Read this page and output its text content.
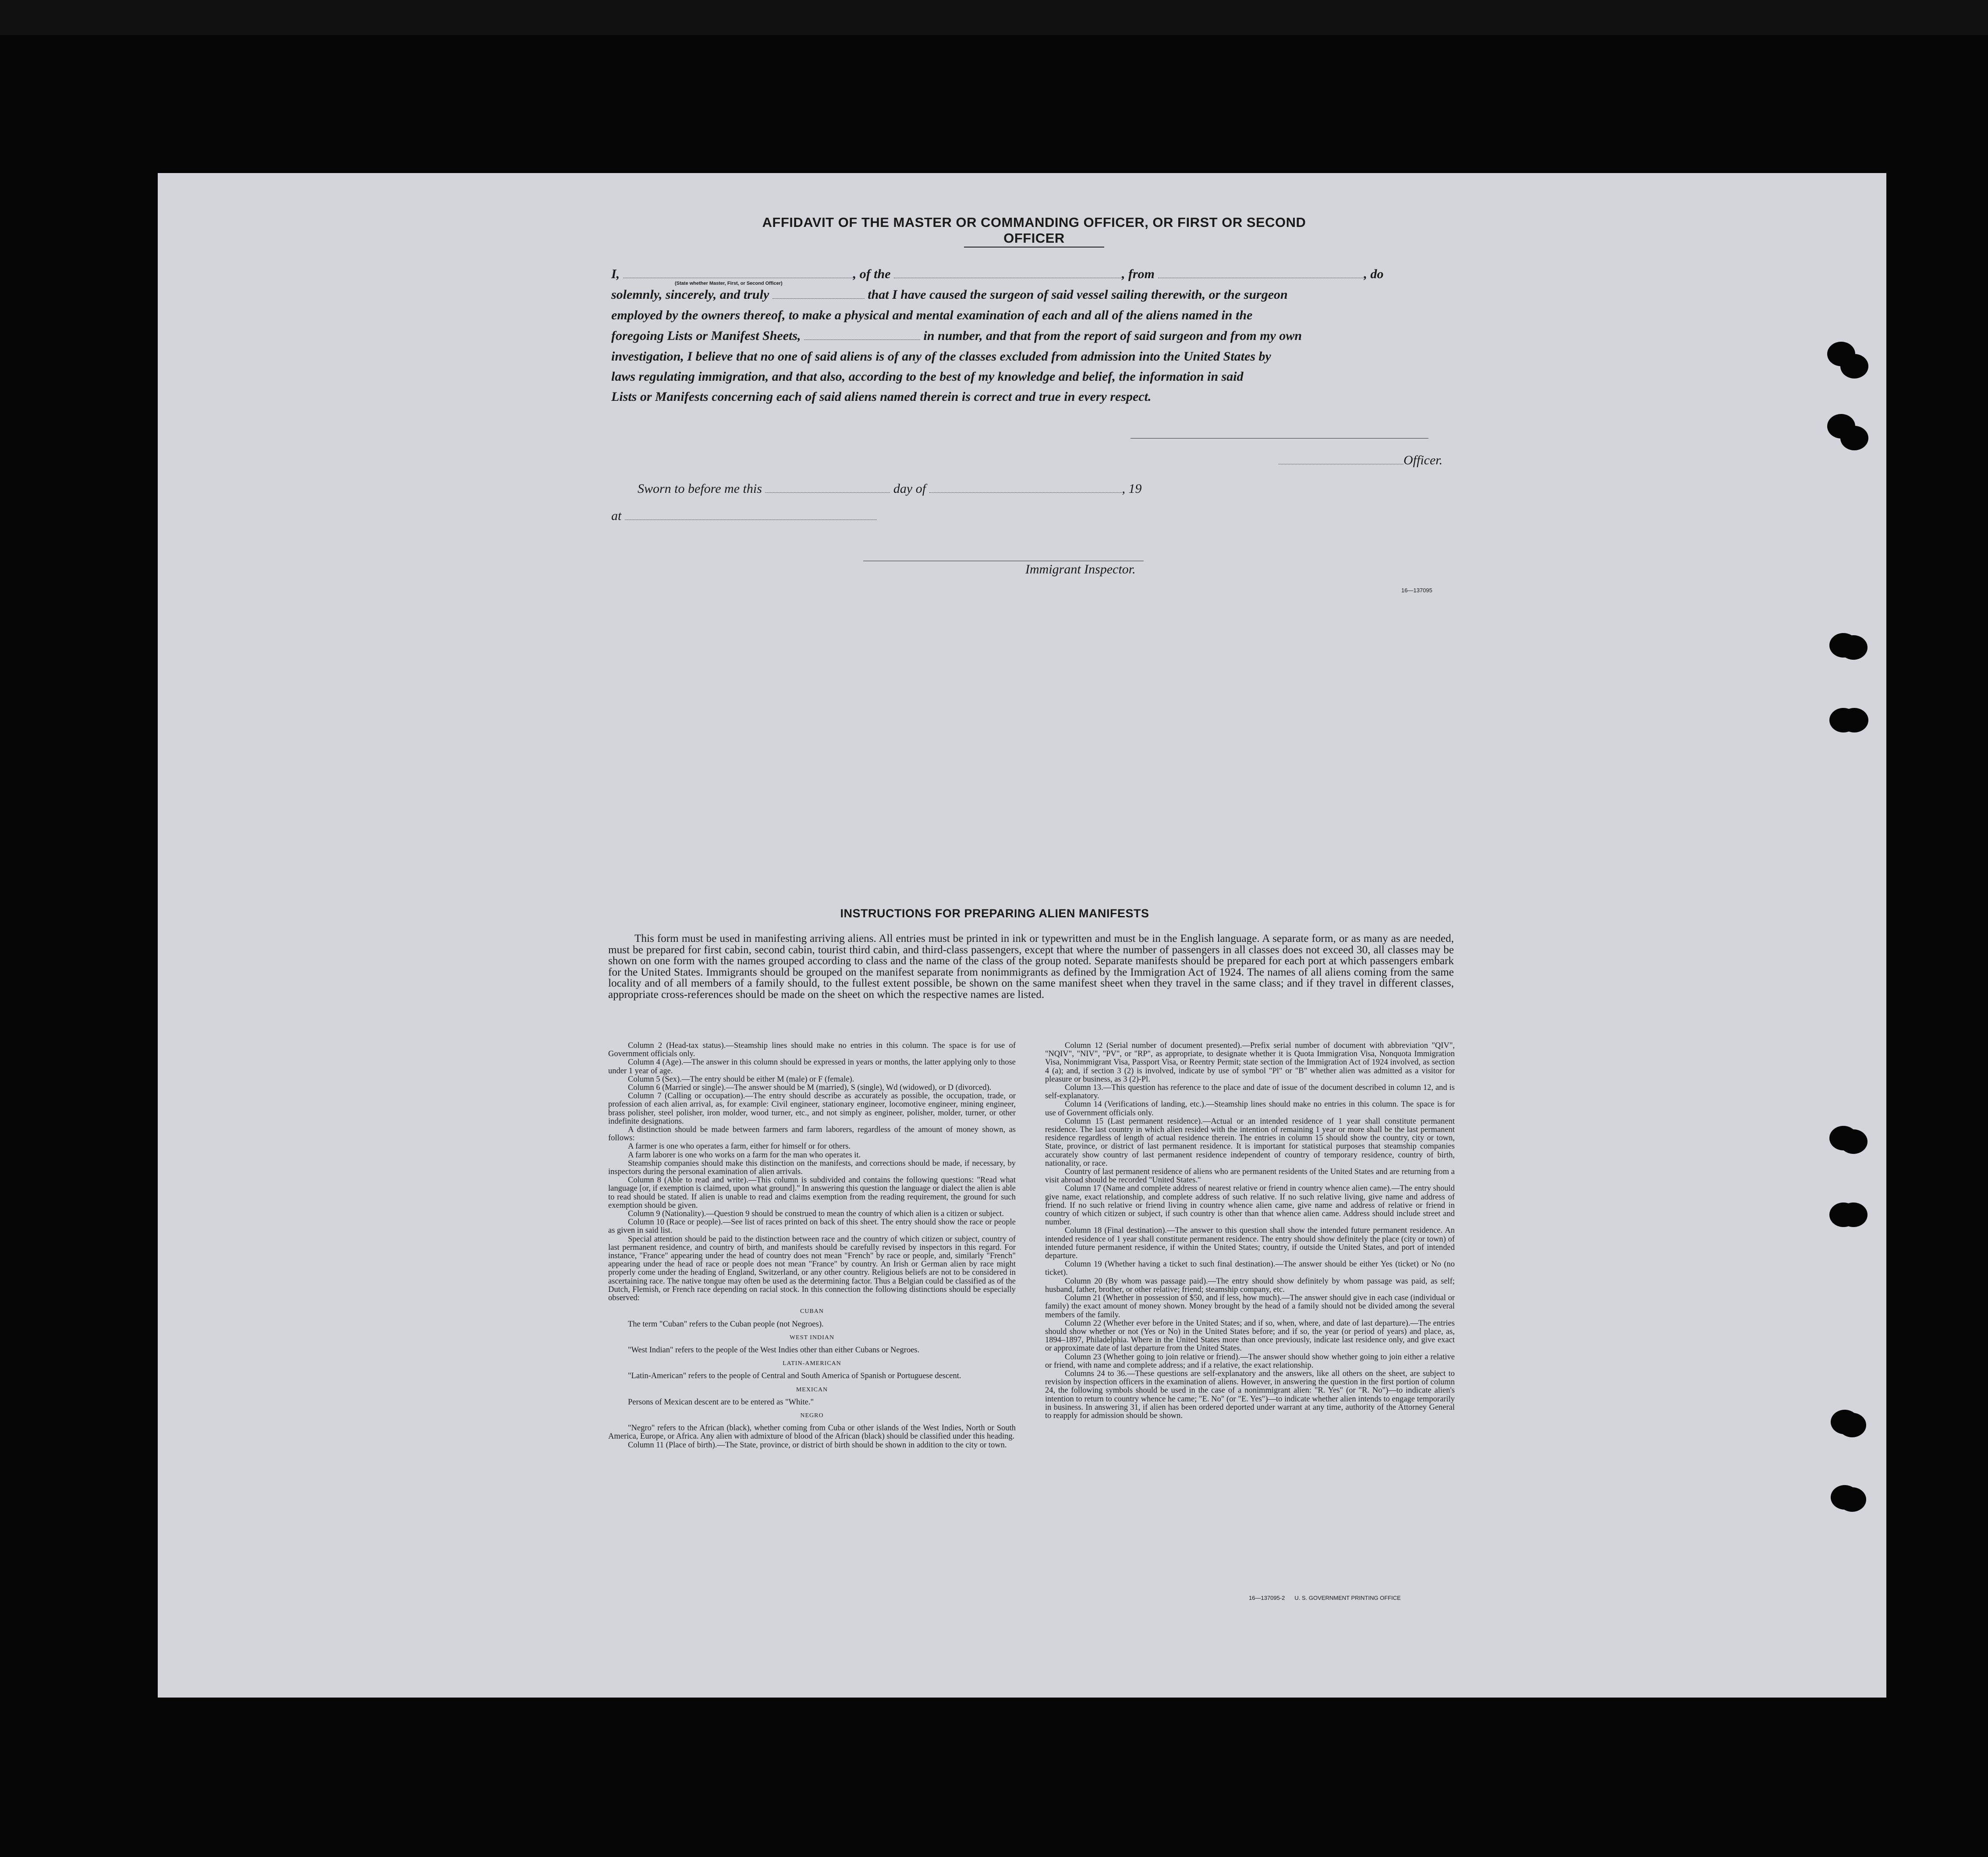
AFFIDAVIT OF THE MASTER OR COMMANDING OFFICER, OR FIRST OR SECOND OFFICER
I,	, of the	, from	, do
(State whether Master, First, or Second Officer)
solemnly, sincerely, and truly	that I have caused the surgeon of said vessel sailing therewith, or the surgeon
employed by the owners thereof, to make a physical and mental examination of each and all of the aliens named in the
foregoing Lists or Manifest Sheets,	in number, and that from the report of said surgeon and from my own
investigation, I believe that no one of said aliens is of any of the classes excluded from admission into the United States by
laws regulating immigration, and that also, according to the best of my knowledge and belief, the information in said
Lists or Manifests concerning each of said aliens named therein is correct and true in every respect.
Officer.
Sworn to before me this	day of	, 19
at
Immigrant Inspector.
16—137095
INSTRUCTIONS FOR PREPARING ALIEN MANIFESTS

This form must be used in manifesting arriving aliens. All entries must be printed in ink or typewritten and must be in the English language. A separate form, or as many as are needed, must be prepared for first cabin, second cabin, tourist third cabin, and third-class passengers, except that where the number of passengers in all classes does not exceed 30, all classes may be shown on one form with the names grouped according to class and the name of the class of the group noted. Separate manifests should be prepared for each port at which passengers embark for the United States. Immigrants should be grouped on the manifest separate from nonimmigrants as defined by the Immigration Act of 1924. The names of all aliens coming from the same locality and of all members of a family should, to the fullest extent possible, be shown on the same manifest sheet when they travel in the same class; and if they travel in different classes, appropriate cross-references should be made on the sheet on which the respective names are listed.

Column 2 (Head-tax status).—Steamship lines should make no entries in this column. The space is for use of Government officials only.

Column 4 (Age).—The answer in this column should be expressed in years or months, the latter applying only to those under 1 year of age.

Column 5 (Sex).—The entry should be either M (male) or F (female).

Column 6 (Married or single).—The answer should be M (married), S (single), Wd (widowed), or D (divorced).

Column 7 (Calling or occupation).—The entry should describe as accurately as possible, the occupation, trade, or profession of each alien arrival, as, for example: Civil engineer, stationary engineer, locomotive engineer, mining engineer, brass polisher, steel polisher, iron molder, wood turner, etc., and not simply as engineer, polisher, molder, turner, or other indefinite designations.

A distinction should be made between farmers and farm laborers, regardless of the amount of money shown, as follows:

A farmer is one who operates a farm, either for himself or for others.

A farm laborer is one who works on a farm for the man who operates it.

Steamship companies should make this distinction on the manifests, and corrections should be made, if necessary, by inspectors during the personal examination of alien arrivals.

Column 8 (Able to read and write).—This column is subdivided and contains the following questions: "Read what language [or, if exemption is claimed, upon what ground]." In answering this question the language or dialect the alien is able to read should be stated. If alien is unable to read and claims exemption from the reading requirement, the ground for such exemption should be given.

Column 9 (Nationality).—Question 9 should be construed to mean the country of which alien is a citizen or subject.

Column 10 (Race or people).—See list of races printed on back of this sheet. The entry should show the race or people as given in said list.

Special attention should be paid to the distinction between race and the country of which citizen or subject, country of last permanent residence, and country of birth, and manifests should be carefully revised by inspectors in this regard. For instance, "France" appearing under the head of country does not mean "French" by race or people, and, similarly "French" appearing under the head of race or people does not mean "France" by country. An Irish or German alien by race might properly come under the heading of England, Switzerland, or any other country. Religious beliefs are not to be considered in ascertaining race. The native tongue may often be used as the determining factor. Thus a Belgian could be classified as of the Dutch, Flemish, or French race depending on racial stock. In this connection the following distinctions should be especially observed:

CUBAN

The term "Cuban" refers to the Cuban people (not Negroes).

WEST INDIAN

"West Indian" refers to the people of the West Indies other than either Cubans or Negroes.

LATIN-AMERICAN

"Latin-American" refers to the people of Central and South America of Spanish or Portuguese descent.

MEXICAN

Persons of Mexican descent are to be entered as "White."

NEGRO

"Negro" refers to the African (black), whether coming from Cuba or other islands of the West Indies, North or South America, Europe, or Africa. Any alien with admixture of blood of the African (black) should be classified under this heading.

Column 11 (Place of birth).—The State, province, or district of birth should be shown in addition to the city or town.

Column 12 (Serial number of document presented).—Prefix serial number of document with abbreviation "QIV", "NQIV", "NIV", "PV", or "RP", as appropriate, to designate whether it is Quota Immigration Visa, Nonquota Immigration Visa, Nonimmigrant Visa, Passport Visa, or Reentry Permit; state section of the Immigration Act of 1924 involved, as section 4 (a); and, if section 3 (2) is involved, indicate by use of symbol "Pl" or "B" whether alien was admitted as a visitor for pleasure or business, as 3 (2)-Pl.

Column 13.—This question has reference to the place and date of issue of the document described in column 12, and is self-explanatory.

Column 14 (Verifications of landing, etc.).—Steamship lines should make no entries in this column. The space is for use of Government officials only.

Column 15 (Last permanent residence).—Actual or an intended residence of 1 year shall constitute permanent residence. The last country in which alien resided with the intention of remaining 1 year or more shall be the last permanent residence regardless of length of actual residence therein. The entries in column 15 should show the country, city or town, State, province, or district of last permanent residence. It is important for statistical purposes that steamship companies accurately show country of last permanent residence independent of country of temporary residence, country of birth, nationality, or race.

Country of last permanent residence of aliens who are permanent residents of the United States and are returning from a visit abroad should be recorded "United States."

Column 17 (Name and complete address of nearest relative or friend in country whence alien came).—The entry should give name, exact relationship, and complete address of such relative. If no such relative living, give name and address of friend. If no such relative or friend living in country whence alien came, give name and address of relative or friend in country of which citizen or subject, if such country is other than that whence alien came. Address should include street and number.

Column 18 (Final destination).—The answer to this question shall show the intended future permanent residence. An intended residence of 1 year shall constitute permanent residence. The entry should show definitely the place (city or town) of intended future permanent residence, if within the United States; country, if outside the United States, and port of intended departure.

Column 19 (Whether having a ticket to such final destination).—The answer should be either Yes (ticket) or No (no ticket).

Column 20 (By whom was passage paid).—The entry should show definitely by whom passage was paid, as self; husband, father, brother, or other relative; friend; steamship company, etc.

Column 21 (Whether in possession of $50, and if less, how much).—The answer should give in each case (individual or family) the exact amount of money shown. Money brought by the head of a family should not be divided among the several members of the family.

Column 22 (Whether ever before in the United States; and if so, when, where, and date of last departure).—The entries should show whether or not (Yes or No) in the United States before; and if so, the year (or period of years) and place, as, 1894–1897, Philadelphia. Where in the United States more than once previously, indicate last residence only, and give exact or approximate date of last departure from the United States.

Column 23 (Whether going to join relative or friend).—The answer should show whether going to join either a relative or friend, with name and complete address; and if a relative, the exact relationship.

Columns 24 to 36.—These questions are self-explanatory and the answers, like all others on the sheet, are subject to revision by inspection officers in the examination of aliens. However, in answering the question in the first portion of column 24, the following symbols should be used in the case of a nonimmigrant alien: "R. Yes" (or "R. No")—to indicate alien's intention to return to country whence he came; "E. No" (or "E. Yes")—to indicate whether alien intends to engage temporarily in business. In answering 31, if alien has been ordered deported under warrant at any time, authority of the Attorney General to reapply for admission should be shown.

16—137095-2 U. S. GOVERNMENT PRINTING OFFICE
